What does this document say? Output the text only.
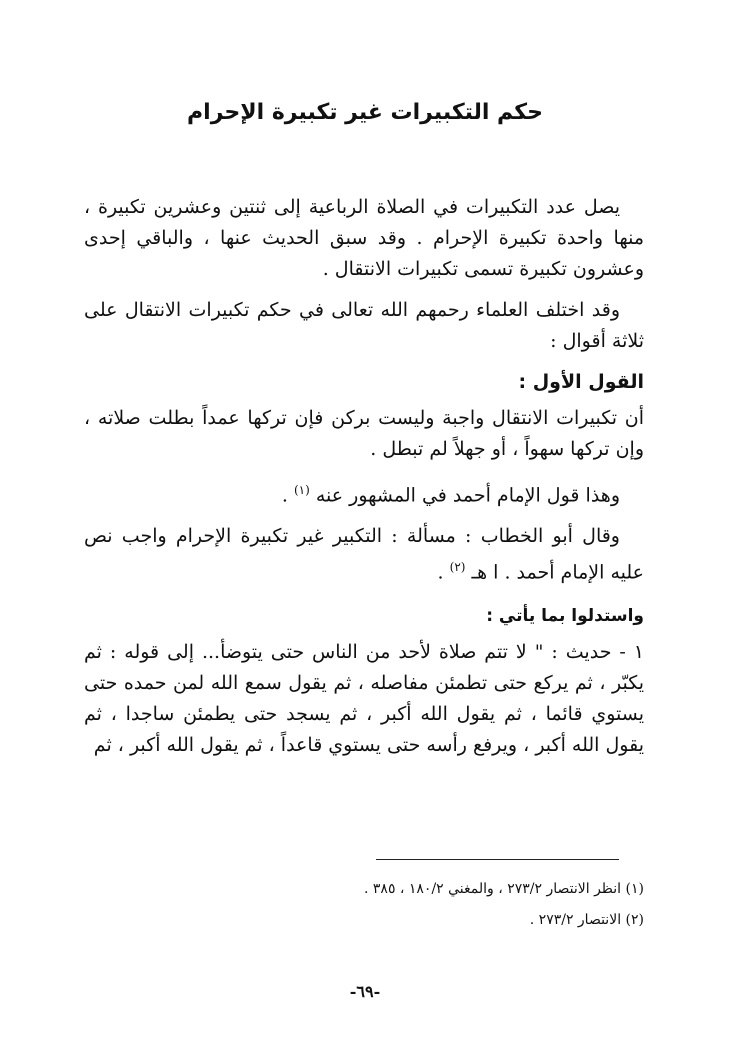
حكم التكبيرات غير تكبيرة الإحرام

يصل عدد التكبيرات في الصلاة الرباعية إلى ثنتين وعشرين تكبيرة ، منها واحدة تكبيرة الإحرام . وقد سبق الحديث عنها ، والباقي إحدى وعشرون تكبيرة تسمى تكبيرات الانتقال .

وقد اختلف العلماء رحمهم الله تعالى في حكم تكبيرات الانتقال على ثلاثة أقوال :

القول الأول :

أن تكبيرات الانتقال واجبة وليست بركن فإن تركها عمداً بطلت صلاته ، وإن تركها سهواً ، أو جهلاً لم تبطل .

وهذا قول الإمام أحمد في المشهور عنه $^{(١)}$ .

وقال أبو الخطاب : مسألة : التكبير غير تكبيرة الإحرام واجب نص عليه الإمام أحمد . ا هـ $^{(٢)}$ .

واستدلوا بما يأتي :

١ - حديث : " لا تتم صلاة لأحد من الناس حتى يتوضأ... إلى قوله : ثم يكبّر ، ثم يركع حتى تطمئن مفاصله ، ثم يقول سمع الله لمن حمده حتى يستوي قائما ، ثم يقول الله أكبر ، ثم يسجد حتى يطمئن ساجدا ، ثم يقول الله أكبر ، ويرفع رأسه حتى يستوي قاعداً ، ثم يقول الله أكبر ، ثم

(١) انظر الانتصار ٢٧٣/٢ ، والمغني ١٨٠/٢ ، ٣٨٥ .

(٢) الانتصار ٢٧٣/٢ .

-٦٩-
